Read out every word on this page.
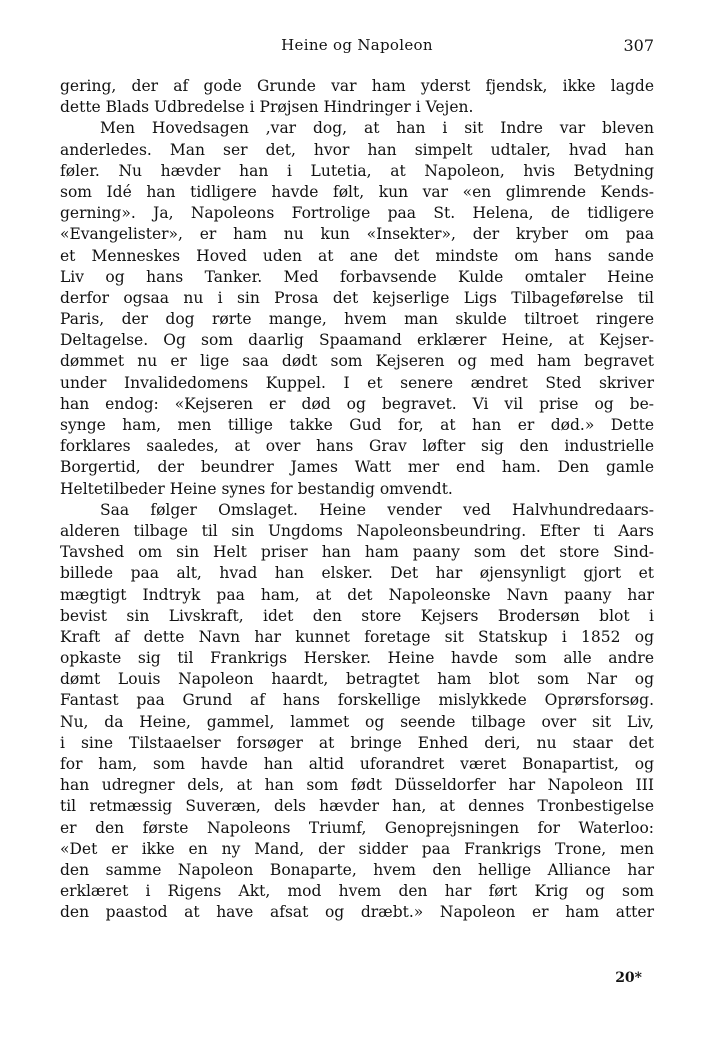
Heine og Napoleon	307
gering, der af gode Grunde var ham yderst fjendsk, ikke lagde
dette Blads Udbredelse i Prøjsen Hindringer i Vejen.
Men Hovedsagen ,var dog, at han i sit Indre var bleven
anderledes. Man ser det, hvor han simpelt udtaler, hvad han
føler. Nu hævder han i Lutetia, at Napoleon, hvis Betydning
som Idé han tidligere havde følt, kun var «en glimrende Kends-
gerning». Ja, Napoleons Fortrolige paa St. Helena, de tidligere
«Evangelister», er ham nu kun «Insekter», der kryber om paa
et Menneskes Hoved uden at ane det mindste om hans sande
Liv og hans Tanker. Med forbavsende Kulde omtaler Heine
derfor ogsaa nu i sin Prosa det kejserlige Ligs Tilbageførelse til
Paris, der dog rørte mange, hvem man skulde tiltroet ringere
Deltagelse. Og som daarlig Spaamand erklærer Heine, at Kejser-
dømmet nu er lige saa dødt som Kejseren og med ham begravet
under Invalidedomens Kuppel. I et senere ændret Sted skriver
han endog: «Kejseren er død og begravet. Vi vil prise og be-
synge ham, men tillige takke Gud for, at han er død.» Dette
forklares saaledes, at over hans Grav løfter sig den industrielle
Borgertid, der beundrer James Watt mer end ham. Den gamle
Heltetilbeder Heine synes for bestandig omvendt.
Saa følger Omslaget. Heine vender ved Halvhundredaars-
alderen tilbage til sin Ungdoms Napoleonsbeundring. Efter ti Aars
Tavshed om sin Helt priser han ham paany som det store Sind-
billede paa alt, hvad han elsker. Det har øjensynligt gjort et
mægtigt Indtryk paa ham, at det Napoleonske Navn paany har
bevist sin Livskraft, idet den store Kejsers Brodersøn blot i
Kraft af dette Navn har kunnet foretage sit Statskup i 1852 og
opkaste sig til Frankrigs Hersker. Heine havde som alle andre
dømt Louis Napoleon haardt, betragtet ham blot som Nar og
Fantast paa Grund af hans forskellige mislykkede Oprørsforsøg.
Nu, da Heine, gammel, lammet og seende tilbage over sit Liv,
i sine Tilstaaelser forsøger at bringe Enhed deri, nu staar det
for ham, som havde han altid uforandret været Bonapartist, og
han udregner dels, at han som født Düsseldorfer har Napoleon III
til retmæssig Suveræn, dels hævder han, at dennes Tronbestigelse
er den første Napoleons Triumf, Genoprejsningen for Waterloo:
«Det er ikke en ny Mand, der sidder paa Frankrigs Trone, men
den samme Napoleon Bonaparte, hvem den hellige Alliance har
erklæret i Rigens Akt, mod hvem den har ført Krig og som
den paastod at have afsat og dræbt.» Napoleon er ham atter
20*
